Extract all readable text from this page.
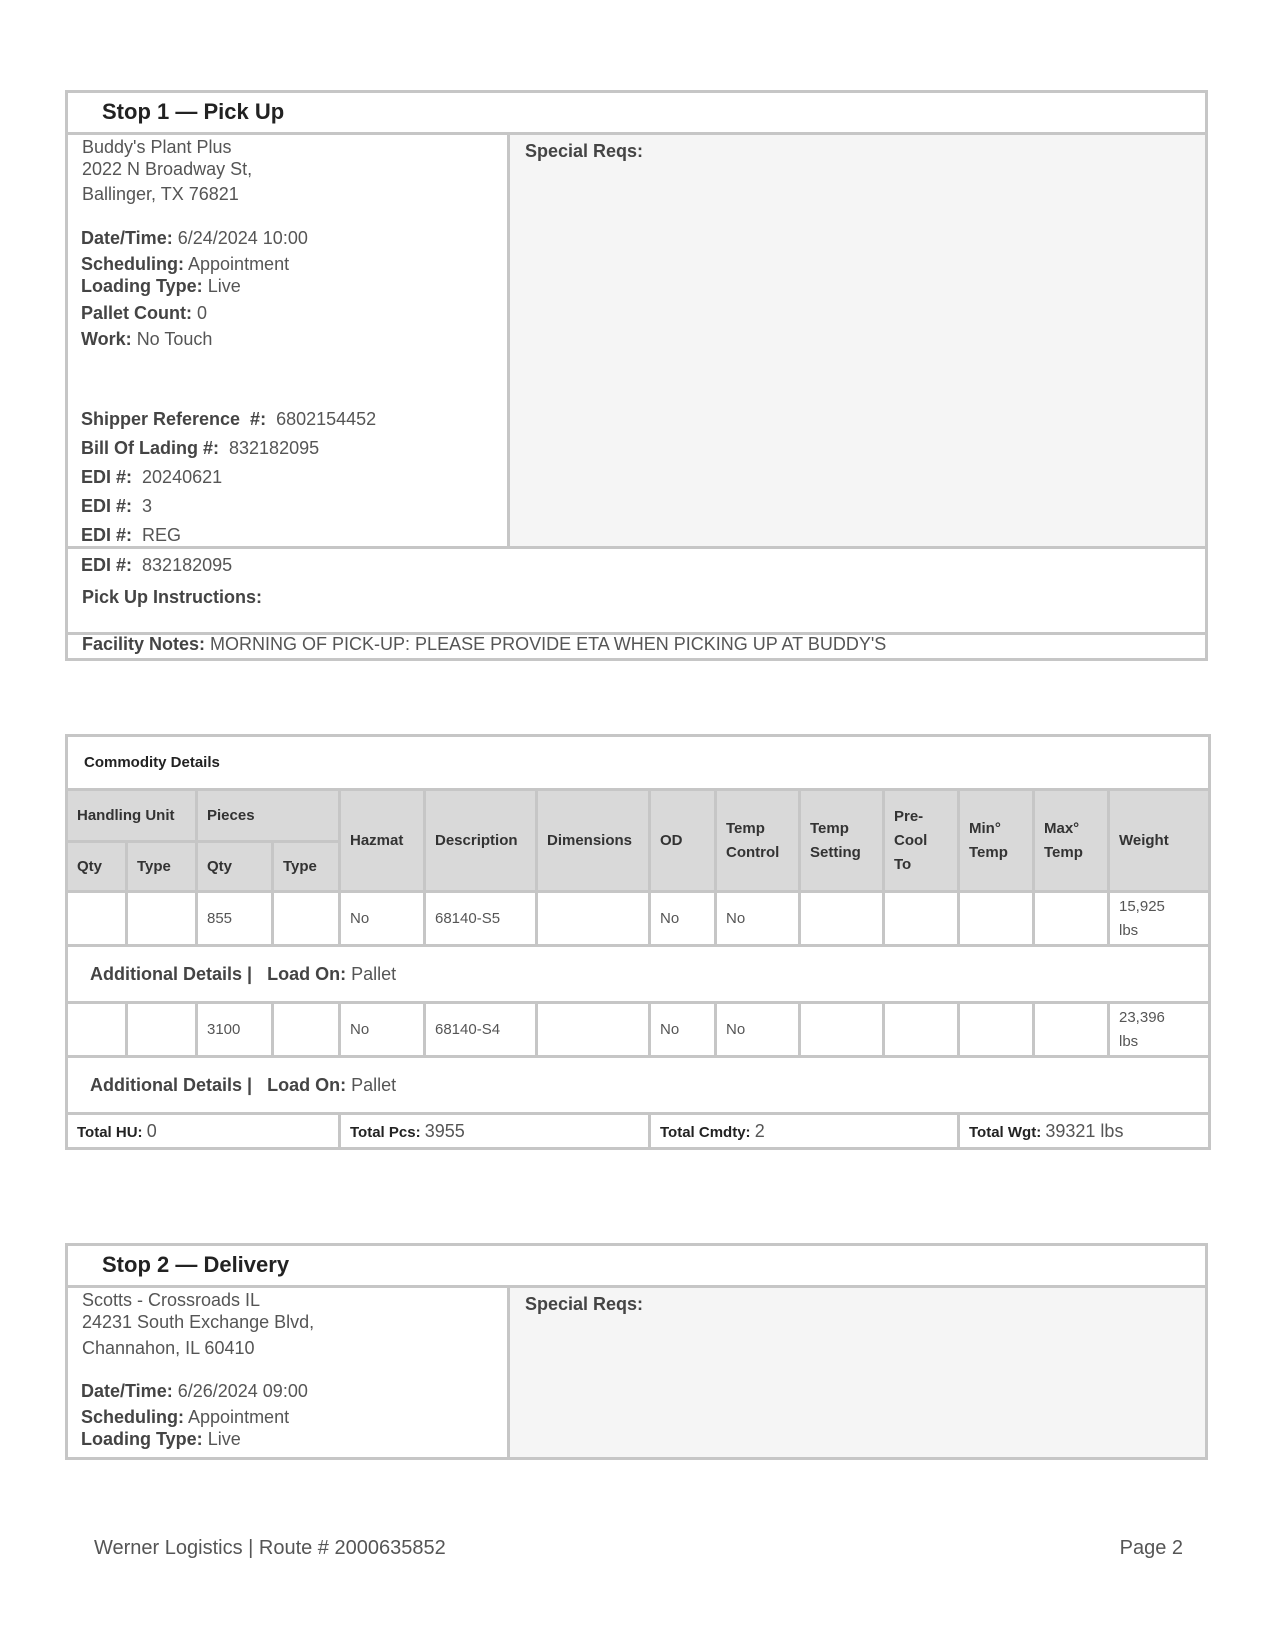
Stop 1 — Pick Up
Buddy's Plant Plus
2022 N Broadway St,
Ballinger, TX 76821
Date/Time: 6/24/2024 10:00
Scheduling: Appointment
Loading Type: Live
Pallet Count: 0
Work: No Touch
Shipper Reference  #: 6802154452
Bill Of Lading #: 832182095
EDI #: 20240621
EDI #: 3
EDI #: REG
EDI #: 832182095
Special Reqs:
Pick Up Instructions:
Facility Notes: MORNING OF PICK-UP: PLEASE PROVIDE ETA WHEN PICKING UP AT BUDDY'S
Commodity Details													
Handling Unit		Pieces		Hazmat	Description	Dimensions	OD	Temp Control	Temp Setting	Pre-Cool To	Min° Temp	Max° Temp	Weight
Qty	Type	Qty	Type										
		855		No	68140-S5		No	No					15,925 lbs
Additional Details | Load On: Pallet													
		3100		No	68140-S4		No	No					23,396 lbs
Additional Details | Load On: Pallet													
Total HU: 0				Total Pcs: 3955			Total Cmdty: 2				Total Wgt: 39321 lbs		
Stop 2 — Delivery
Scotts - Crossroads IL
24231 South Exchange Blvd,
Channahon, IL 60410
Date/Time: 6/26/2024 09:00
Scheduling: Appointment
Loading Type: Live
Special Reqs:
Werner Logistics | Route # 2000635852	Page 2
